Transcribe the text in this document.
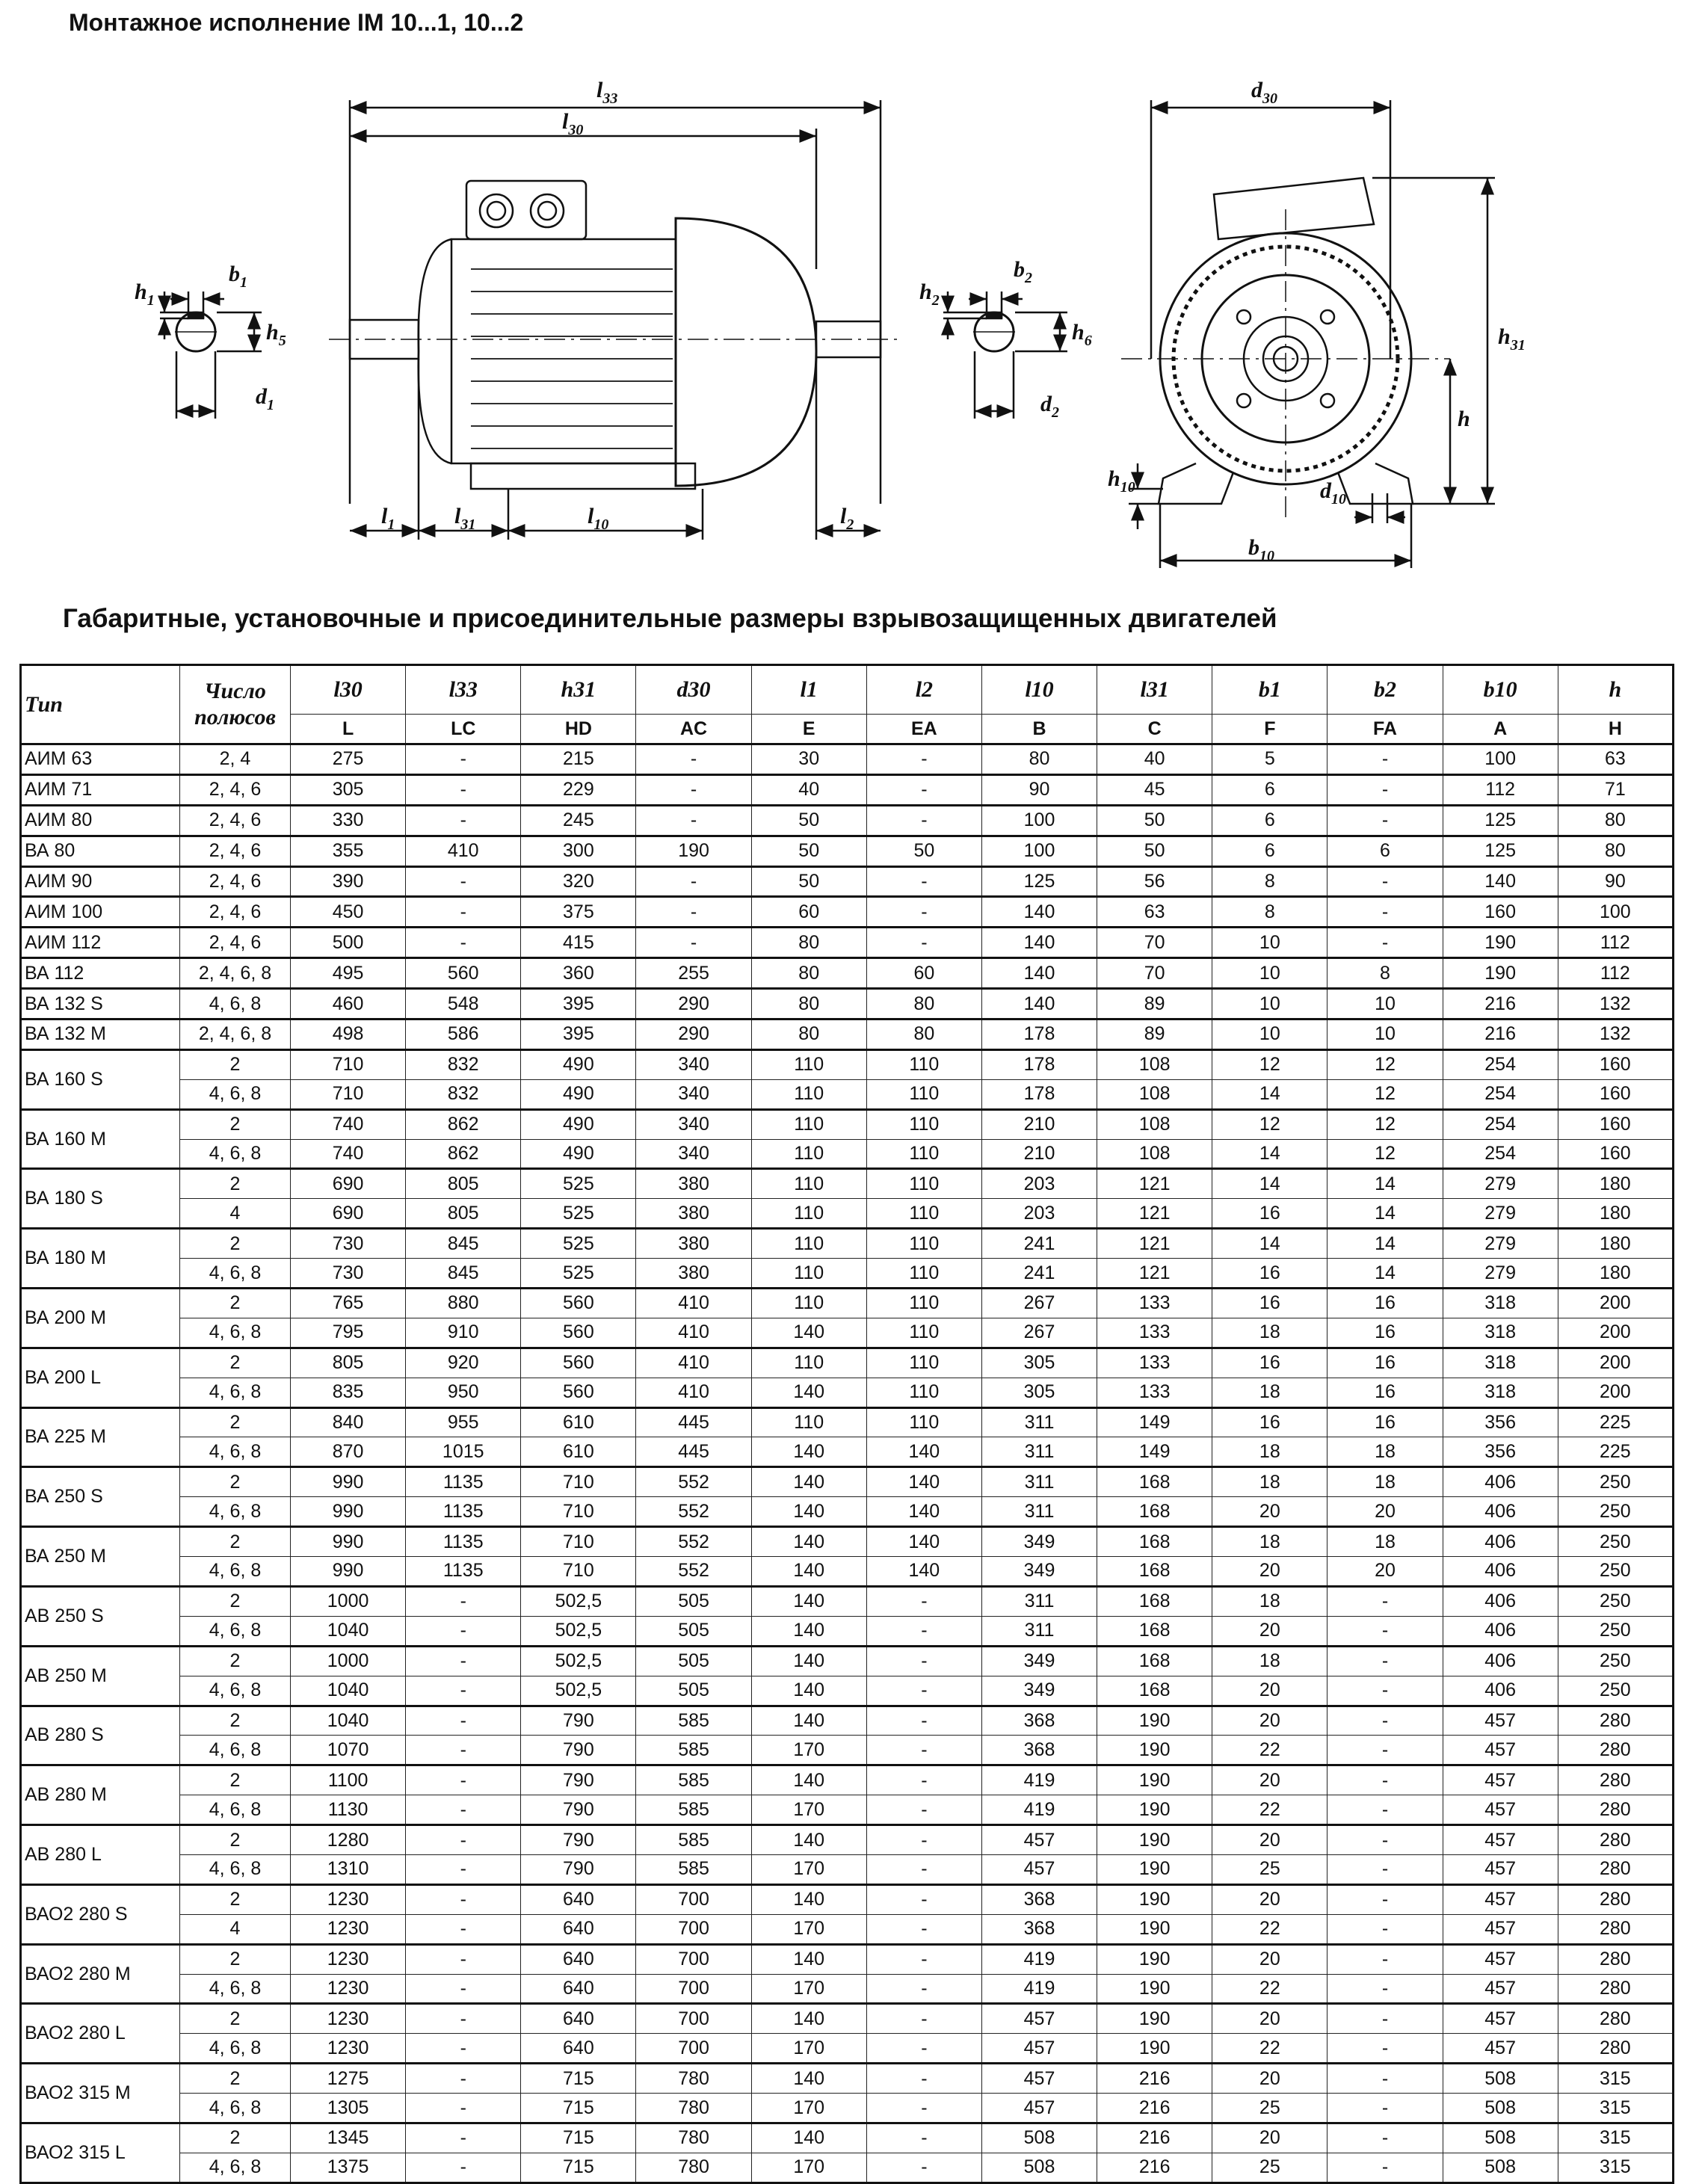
Монтажное исполнение IM 10...1, 10...2
$l_{33}$
$l_{30}$
$l_1$	$l_{31}$	$l_{10}$	$l_2$
$h_1$
$b_1$
$h_5$
$d_1$
$h_2$
$b_2$
$h_6$
$d_2$
$d_{30}$
$h_{31}$
h
$h_{10}$	$d_{10}$
$b_{10}$
Габаритные, установочные и присоединительные размеры взрывозащищенных двигателей
Тип	Число полюсов	l30	l33	h31	d30	l1	l2	l10	l31	b1	b2	b10	h
		L	LC	HD	AC	E	EA	B	C	F	FA	A	H
АИМ 63	2, 4	275	-	215	-	30	-	80	40	5	-	100	63
АИМ 71	2, 4, 6	305	-	229	-	40	-	90	45	6	-	112	71
АИМ 80	2, 4, 6	330	-	245	-	50	-	100	50	6	-	125	80
ВА 80	2, 4, 6	355	410	300	190	50	50	100	50	6	6	125	80
АИМ 90	2, 4, 6	390	-	320	-	50	-	125	56	8	-	140	90
АИМ 100	2, 4, 6	450	-	375	-	60	-	140	63	8	-	160	100
АИМ 112	2, 4, 6	500	-	415	-	80	-	140	70	10	-	190	112
ВА 112	2, 4, 6, 8	495	560	360	255	80	60	140	70	10	8	190	112
ВА 132 S	4, 6, 8	460	548	395	290	80	80	140	89	10	10	216	132
ВА 132 M	2, 4, 6, 8	498	586	395	290	80	80	178	89	10	10	216	132
ВА 160 S	2	710	832	490	340	110	110	178	108	12	12	254	160
	4, 6, 8	710	832	490	340	110	110	178	108	14	12	254	160
ВА 160 M	2	740	862	490	340	110	110	210	108	12	12	254	160
	4, 6, 8	740	862	490	340	110	110	210	108	14	12	254	160
ВА 180 S	2	690	805	525	380	110	110	203	121	14	14	279	180
	4	690	805	525	380	110	110	203	121	16	14	279	180
ВА 180 M	2	730	845	525	380	110	110	241	121	14	14	279	180
	4, 6, 8	730	845	525	380	110	110	241	121	16	14	279	180
ВА 200 M	2	765	880	560	410	110	110	267	133	16	16	318	200
	4, 6, 8	795	910	560	410	140	110	267	133	18	16	318	200
ВА 200 L	2	805	920	560	410	110	110	305	133	16	16	318	200
	4, 6, 8	835	950	560	410	140	110	305	133	18	16	318	200
ВА 225 M	2	840	955	610	445	110	110	311	149	16	16	356	225
	4, 6, 8	870	1015	610	445	140	140	311	149	18	18	356	225
ВА 250 S	2	990	1135	710	552	140	140	311	168	18	18	406	250
	4, 6, 8	990	1135	710	552	140	140	311	168	20	20	406	250
ВА 250 M	2	990	1135	710	552	140	140	349	168	18	18	406	250
	4, 6, 8	990	1135	710	552	140	140	349	168	20	20	406	250
АВ 250 S	2	1000	-	502,5	505	140	-	311	168	18	-	406	250
	4, 6, 8	1040	-	502,5	505	140	-	311	168	20	-	406	250
АВ 250 M	2	1000	-	502,5	505	140	-	349	168	18	-	406	250
	4, 6, 8	1040	-	502,5	505	140	-	349	168	20	-	406	250
АВ 280 S	2	1040	-	790	585	140	-	368	190	20	-	457	280
	4, 6, 8	1070	-	790	585	170	-	368	190	22	-	457	280
АВ 280 M	2	1100	-	790	585	140	-	419	190	20	-	457	280
	4, 6, 8	1130	-	790	585	170	-	419	190	22	-	457	280
АВ 280 L	2	1280	-	790	585	140	-	457	190	20	-	457	280
	4, 6, 8	1310	-	790	585	170	-	457	190	25	-	457	280
ВАО2 280 S	2	1230	-	640	700	140	-	368	190	20	-	457	280
	4	1230	-	640	700	170	-	368	190	22	-	457	280
ВАО2 280 M	2	1230	-	640	700	140	-	419	190	20	-	457	280
	4, 6, 8	1230	-	640	700	170	-	419	190	22	-	457	280
ВАО2 280 L	2	1230	-	640	700	140	-	457	190	20	-	457	280
	4, 6, 8	1230	-	640	700	170	-	457	190	22	-	457	280
ВАО2 315 M	2	1275	-	715	780	140	-	457	216	20	-	508	315
	4, 6, 8	1305	-	715	780	170	-	457	216	25	-	508	315
ВАО2 315 L	2	1345	-	715	780	140	-	508	216	20	-	508	315
	4, 6, 8	1375	-	715	780	170	-	508	216	25	-	508	315
